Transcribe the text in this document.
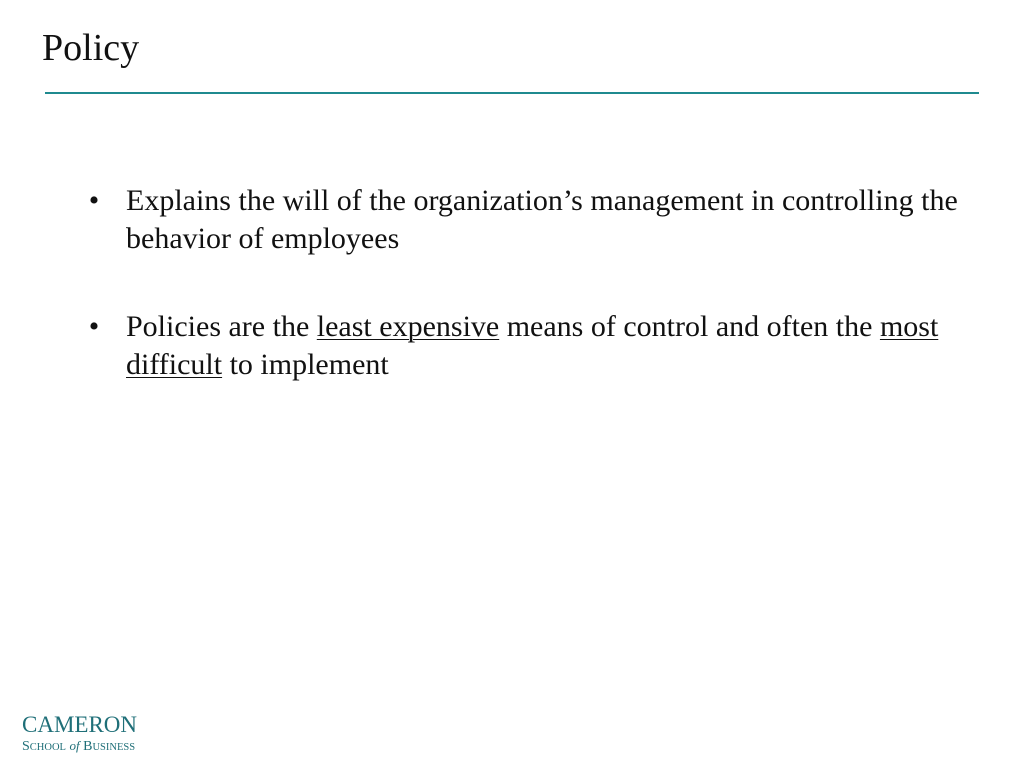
Policy
• Explains the will of the organization’s management in controlling the behavior of employees
• Policies are the least expensive means of control and often the most difficult to implement
CAMERON
SCHOOL of BUSINESS
